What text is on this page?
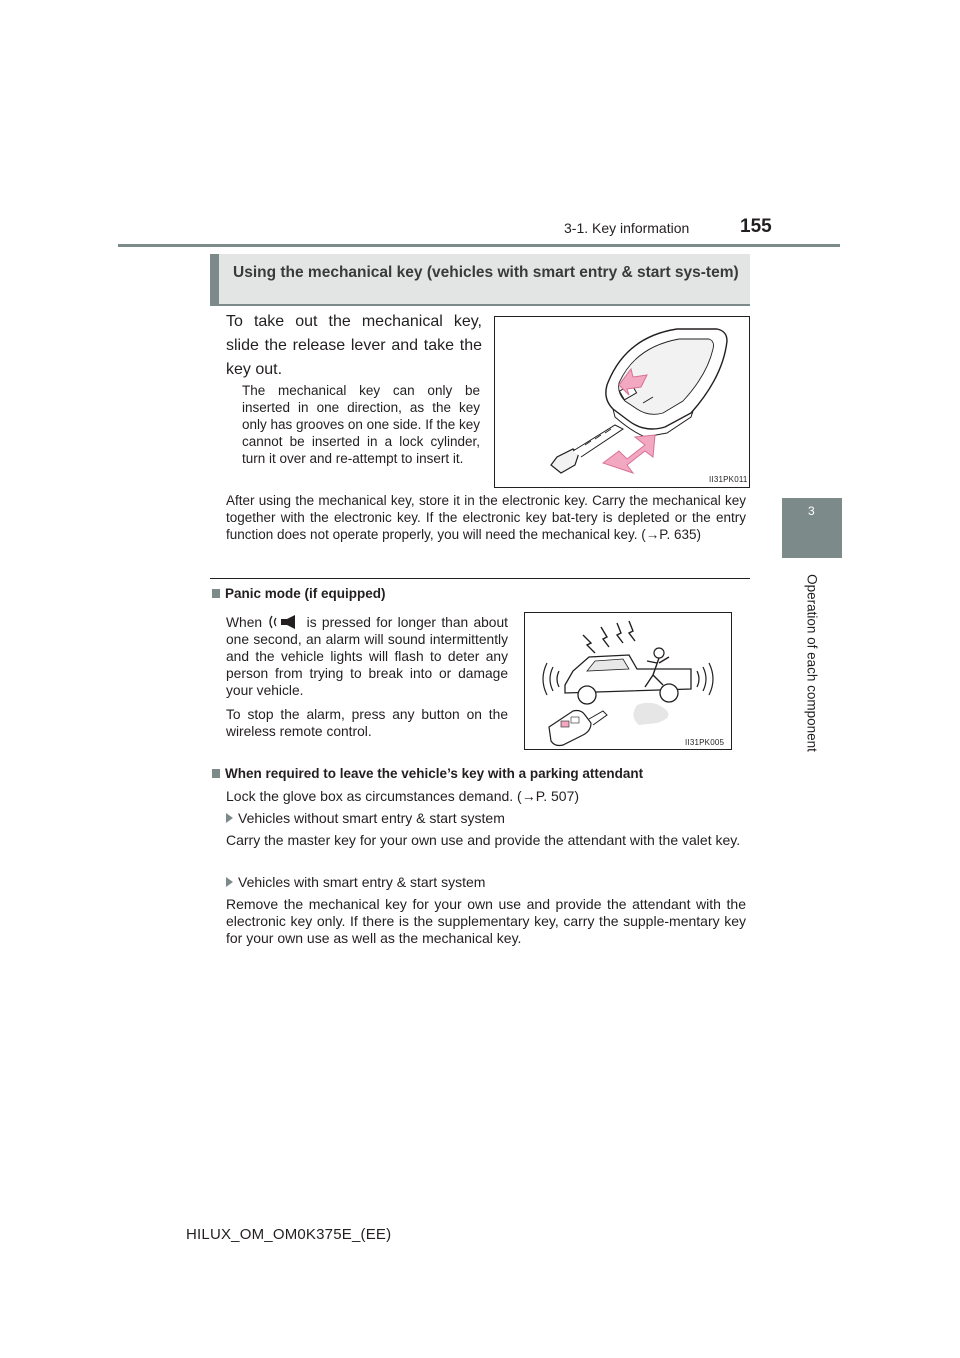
3-1. Key information	155
3
Operation of each component
Using the mechanical key (vehicles with smart entry & start sys-tem)
To take out the mechanical key, slide the release lever and take the key out.
The mechanical key can only be inserted in one direction, as the key only has grooves on one side. If the key cannot be inserted in a lock cylinder, turn it over and re-attempt to insert it.
II31PK011
After using the mechanical key, store it in the electronic key. Carry the mechanical key together with the electronic key. If the electronic key bat-tery is depleted or the entry function does not operate properly, you will need the mechanical key. (→P. 635)
Panic mode (if equipped)
When	is pressed for longer than about one second, an alarm will sound intermittently and the vehicle lights will flash to deter any person from trying to break into or damage your vehicle.
To stop the alarm, press any button on the wireless remote control.
II31PK005
When required to leave the vehicle’s key with a parking attendant
Lock the glove box as circumstances demand. (→P. 507)
Vehicles without smart entry & start system
Carry the master key for your own use and provide the attendant with the valet key.
Vehicles with smart entry & start system
Remove the mechanical key for your own use and provide the attendant with the electronic key only. If there is the supplementary key, carry the supple-mentary key for your own use as well as the mechanical key.
HILUX_OM_OM0K375E_(EE)
